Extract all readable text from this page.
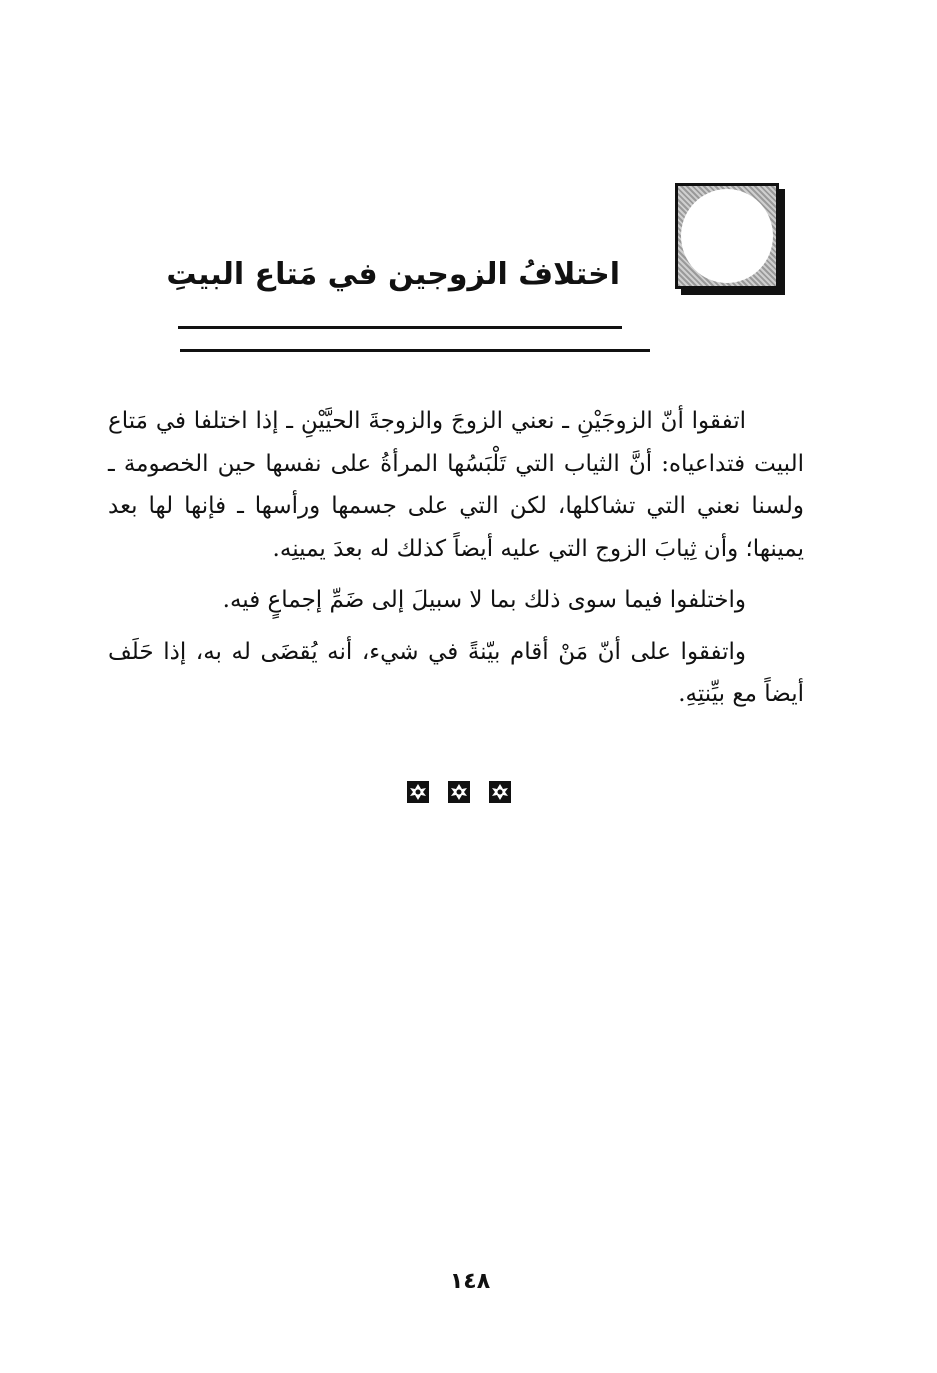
اختلافُ الزوجين في مَتاع البيتِ

اتفقوا أنّ الزوجَيْنِ ـ نعني الزوجَ والزوجةَ الحيَّيْنِ ـ إذا اختلفا في مَتاع البيت فتداعياه: أنَّ الثياب التي تَلْبَسُها المرأةُ على نفسها حين الخصومة ـ ولسنا نعني التي تشاكلها، لكن التي على جسمها ورأسها ـ فإنها لها بعد يمينها؛ وأن ثِيابَ الزوج التي عليه أيضاً كذلك له بعدَ يمينِه.

واختلفوا فيما سوى ذلك بما لا سبيلَ إلى ضَمِّ إجماعٍ فيه.

واتفقوا على أنّ مَنْ أقام بيّنةً في شيء، أنه يُقضَى له به، إذا حَلَف أيضاً مع بيِّنتِهِ.

١٤٨
